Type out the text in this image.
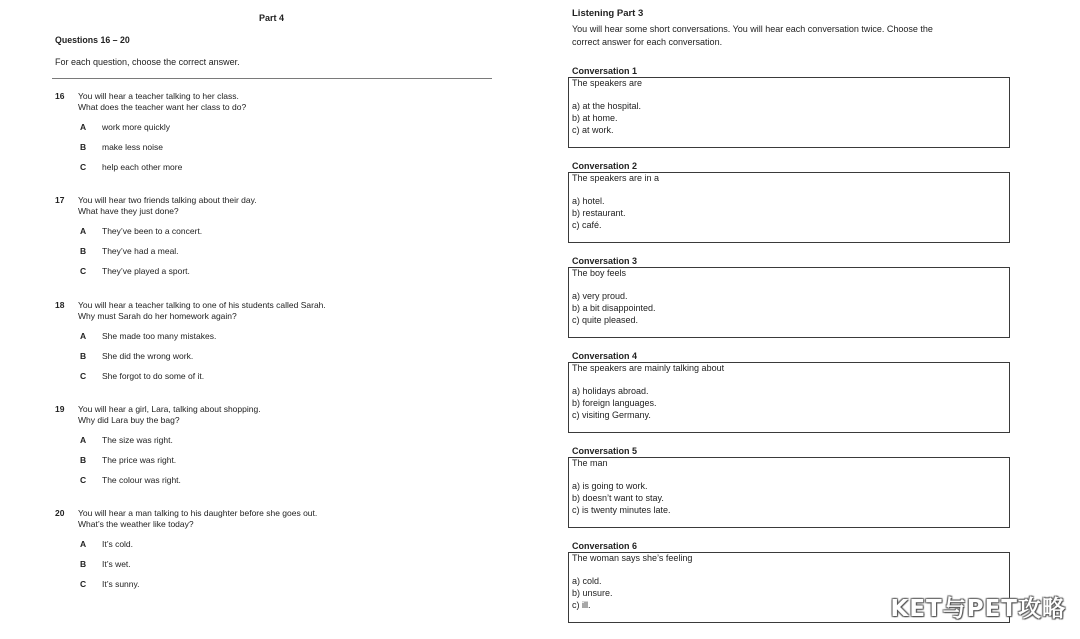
Part 4
Questions 16 – 20
For each question, choose the correct answer.
16 You will hear a teacher talking to her class.
What does the teacher want her class to do?
A work more quickly
B make less noise
C help each other more
17 You will hear two friends talking about their day.
What have they just done?
A They’ve been to a concert.
B They’ve had a meal.
C They’ve played a sport.
18 You will hear a teacher talking to one of his students called Sarah.
Why must Sarah do her homework again?
A She made too many mistakes.
B She did the wrong work.
C She forgot to do some of it.
19 You will hear a girl, Lara, talking about shopping.
Why did Lara buy the bag?
A The size was right.
B The price was right.
C The colour was right.
20 You will hear a man talking to his daughter before she goes out.
What’s the weather like today?
A It’s cold.
B It’s wet.
C It’s sunny.
Listening Part 3
You will hear some short conversations. You will hear each conversation twice. Choose the
correct answer for each conversation.
Conversation 1
The speakers are
a) at the hospital.
b) at home.
c) at work.
Conversation 2
The speakers are in a
a) hotel.
b) restaurant.
c) café.
Conversation 3
The boy feels
a) very proud.
b) a bit disappointed.
c) quite pleased.
Conversation 4
The speakers are mainly talking about
a) holidays abroad.
b) foreign languages.
c) visiting Germany.
Conversation 5
The man
a) is going to work.
b) doesn’t want to stay.
c) is twenty minutes late.
Conversation 6
The woman says she’s feeling
a) cold.
b) unsure.
c) ill.	KET与PET攻略
